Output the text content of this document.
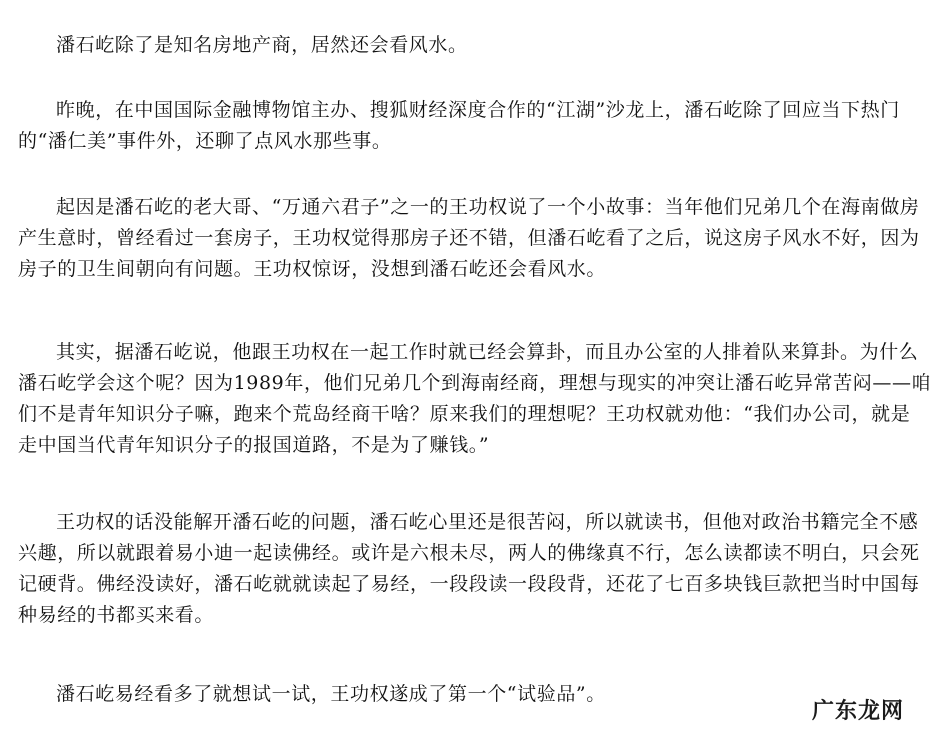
潘石屹除了是知名房地产商，居然还会看风水。
昨晚，在中国国际金融博物馆主办、搜狐财经深度合作的“江湖”沙龙上，潘石屹除了回应当下热门
的“潘仁美”事件外，还聊了点风水那些事。
起因是潘石屹的老大哥、“万通六君子”之一的王功权说了一个小故事：当年他们兄弟几个在海南做房
产生意时，曾经看过一套房子，王功权觉得那房子还不错，但潘石屹看了之后，说这房子风水不好，因为
房子的卫生间朝向有问题。王功权惊讶，没想到潘石屹还会看风水。
其实，据潘石屹说，他跟王功权在一起工作时就已经会算卦，而且办公室的人排着队来算卦。为什么
潘石屹学会这个呢？因为1989年，他们兄弟几个到海南经商，理想与现实的冲突让潘石屹异常苦闷——咱
们不是青年知识分子嘛，跑来个荒岛经商干啥？原来我们的理想呢？王功权就劝他：“我们办公司，就是
走中国当代青年知识分子的报国道路，不是为了赚钱。”
王功权的话没能解开潘石屹的问题，潘石屹心里还是很苦闷，所以就读书，但他对政治书籍完全不感
兴趣，所以就跟着易小迪一起读佛经。或许是六根未尽，两人的佛缘真不行，怎么读都读不明白，只会死
记硬背。佛经没读好，潘石屹就就读起了易经，一段段读一段段背，还花了七百多块钱巨款把当时中国每
种易经的书都买来看。
潘石屹易经看多了就想试一试，王功权遂成了第一个“试验品”。
广东龙网
